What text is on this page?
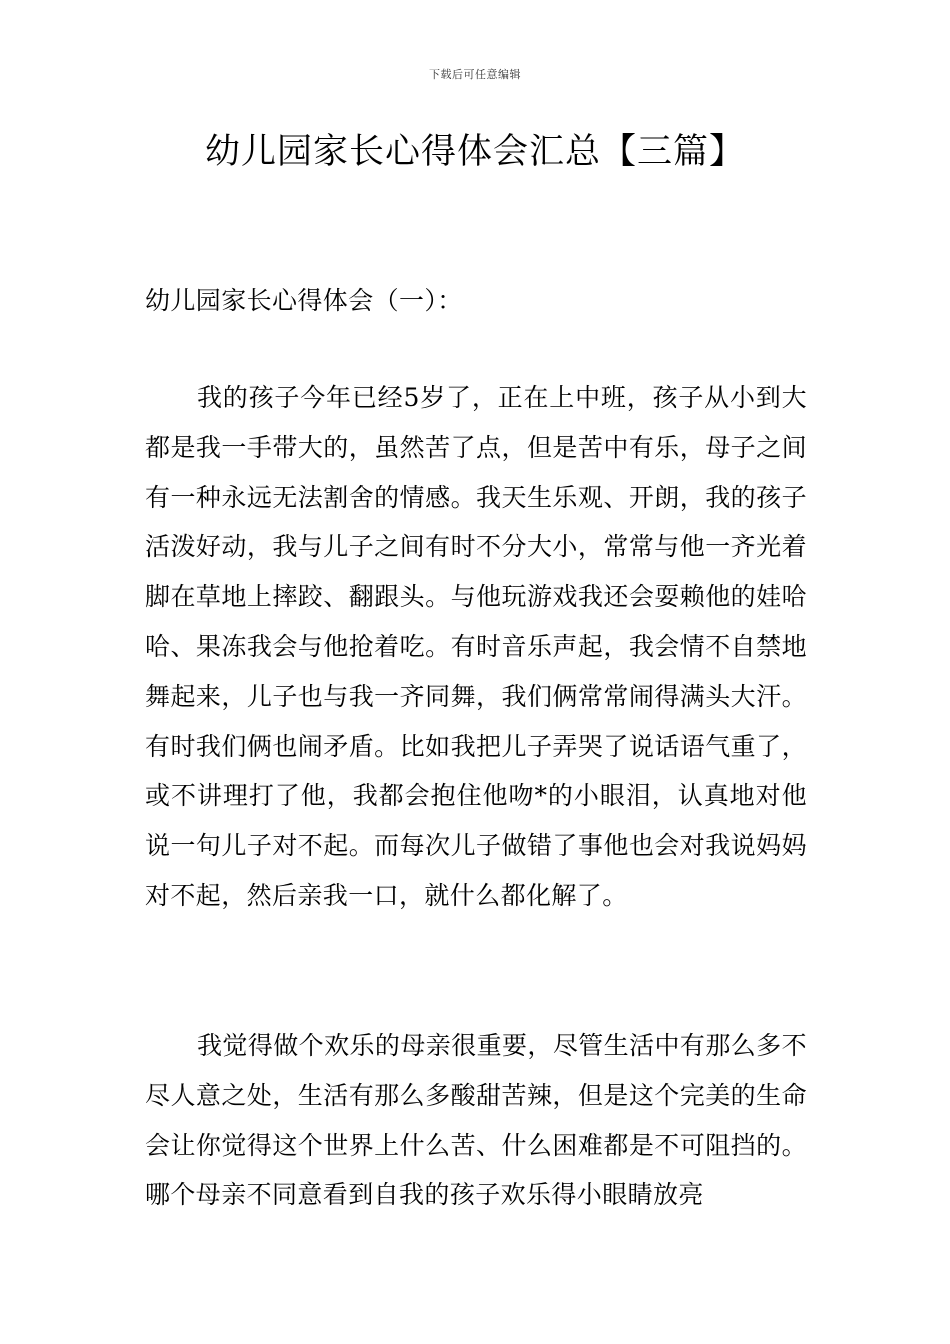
下载后可任意编辑
幼儿园家长心得体会汇总【三篇】

幼儿园家长心得体会（一）：

我的孩子今年已经5岁了，正在上中班，孩子从小到大都是我一手带大的，虽然苦了点，但是苦中有乐，母子之间有一种永远无法割舍的情感。我天生乐观、开朗，我的孩子活泼好动，我与儿子之间有时不分大小，常常与他一齐光着脚在草地上摔跤、翻跟头。与他玩游戏我还会耍赖他的娃哈哈、果冻我会与他抢着吃。有时音乐声起，我会情不自禁地舞起来，儿子也与我一齐同舞，我们俩常常闹得满头大汗。有时我们俩也闹矛盾。比如我把儿子弄哭了说话语气重了，或不讲理打了他，我都会抱住他吻*的小眼泪，认真地对他说一句儿子对不起。而每次儿子做错了事他也会对我说妈妈对不起，然后亲我一口，就什么都化解了。

我觉得做个欢乐的母亲很重要，尽管生活中有那么多不尽人意之处，生活有那么多酸甜苦辣，但是这个完美的生命会让你觉得这个世界上什么苦、什么困难都是不可阻挡的。哪个母亲不同意看到自我的孩子欢乐得小眼睛放亮
